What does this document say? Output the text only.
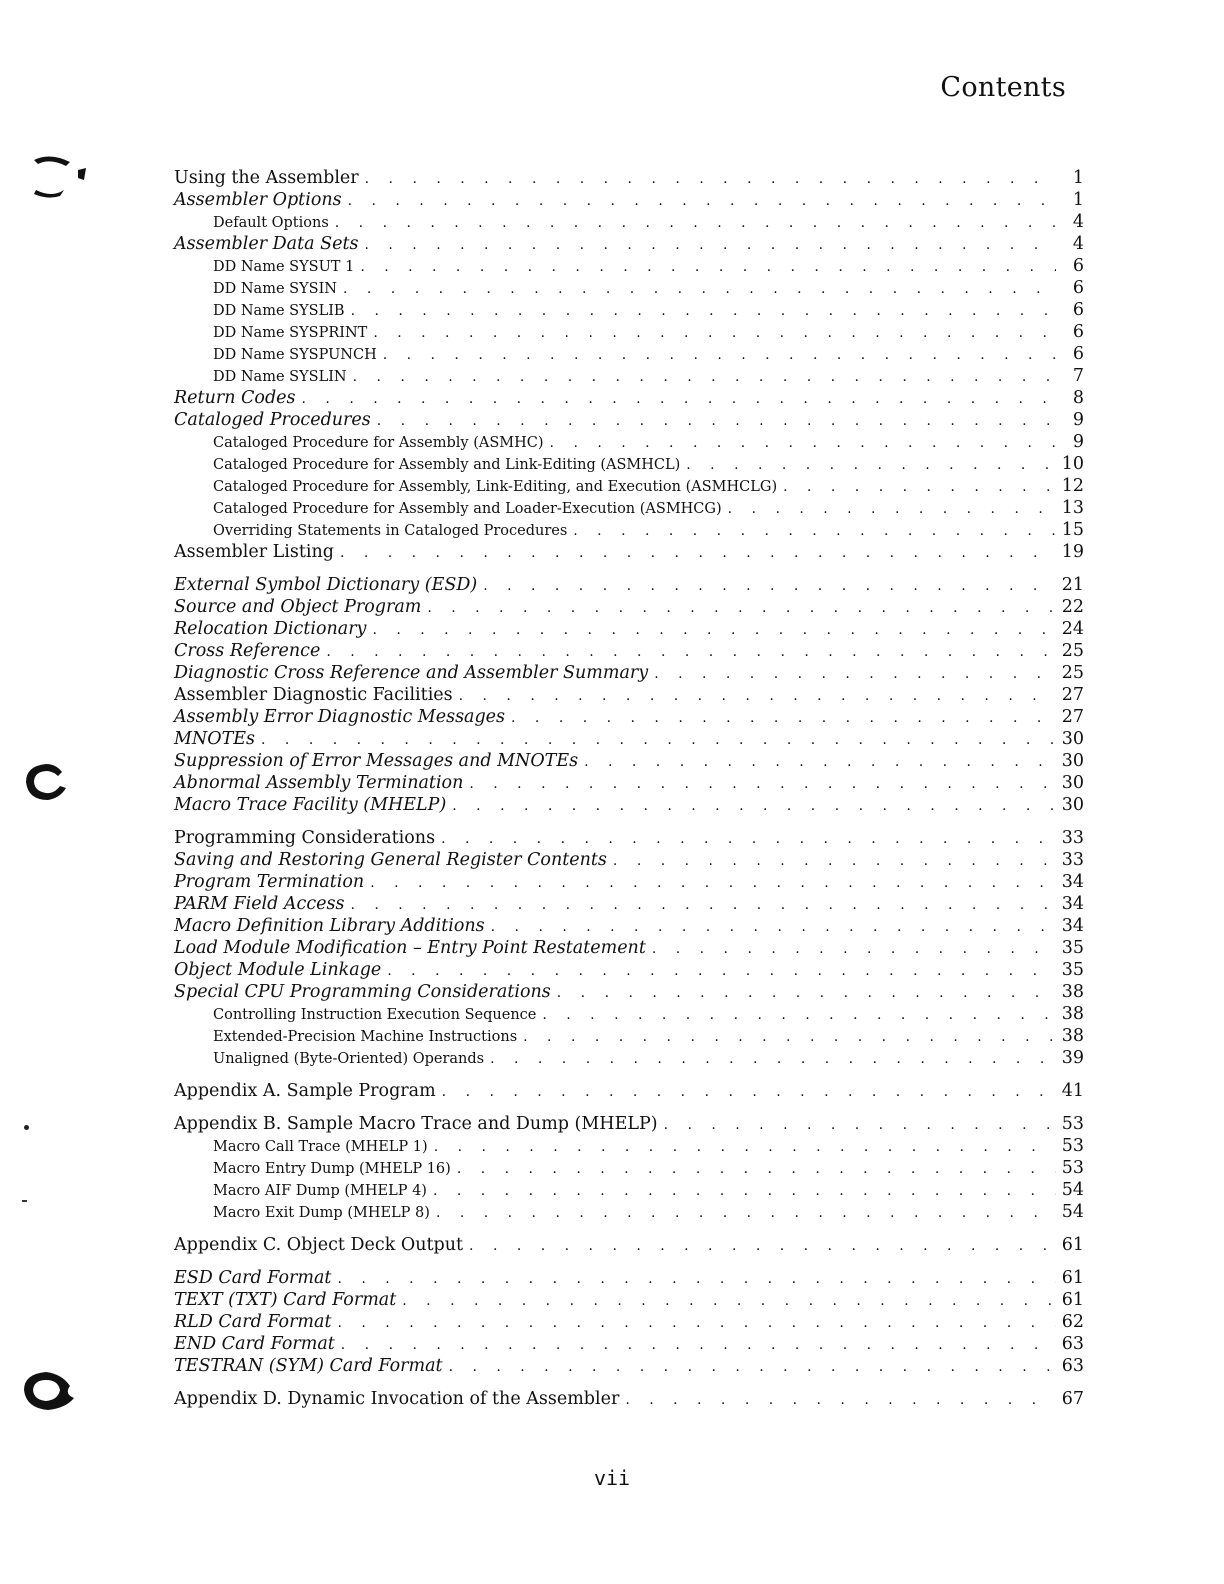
Contents
Using the Assembler . . .	1
Assembler Options . . .	1
Default Options . . .	4
Assembler Data Sets . . .	4
DD Name SYSUT 1 . . .	6
DD Name SYSIN . . .	6
DD Name SYSLIB . . .	6
DD Name SYSPRINT . . .	6
DD Name SYSPUNCH . . .	6
DD Name SYSLIN . . .	7
Return Codes . . .	8
Cataloged Procedures . . .	9
Cataloged Procedure for Assembly (ASMHC) . . .	9
Cataloged Procedure for Assembly and Link-Editing (ASMHCL) . . .	10
Cataloged Procedure for Assembly, Link-Editing, and Execution (ASMHCLG) . . .	12
Cataloged Procedure for Assembly and Loader-Execution (ASMHCG) . . .	13
Overriding Statements in Cataloged Procedures . . .	15
Assembler Listing . . .	19
External Symbol Dictionary (ESD) . . .	21
Source and Object Program . . .	22
Relocation Dictionary . . .	24
Cross Reference . . .	25
Diagnostic Cross Reference and Assembler Summary . . .	25
Assembler Diagnostic Facilities . . .	27
Assembly Error Diagnostic Messages . . .	27
MNOTEs . . .	30
Suppression of Error Messages and MNOTEs . . .	30
Abnormal Assembly Termination . . .	30
Macro Trace Facility (MHELP) . . .	30
Programming Considerations . . .	33
Saving and Restoring General Register Contents . . .	33
Program Termination . . .	34
PARM Field Access . . .	34
Macro Definition Library Additions . . .	34
Load Module Modification – Entry Point Restatement . . .	35
Object Module Linkage . . .	35
Special CPU Programming Considerations . . .	38
Controlling Instruction Execution Sequence . . .	38
Extended-Precision Machine Instructions . . .	38
Unaligned (Byte-Oriented) Operands . . .	39
Appendix A. Sample Program . . .	41
Appendix B. Sample Macro Trace and Dump (MHELP) . . .	53
Macro Call Trace (MHELP 1) . . .	53
Macro Entry Dump (MHELP 16) . . .	53
Macro AIF Dump (MHELP 4) . . .	54
Macro Exit Dump (MHELP 8) . . .	54
Appendix C. Object Deck Output . . .	61
ESD Card Format . . .	61
TEXT (TXT) Card Format . . .	61
RLD Card Format . . .	62
END Card Format . . .	63
TESTRAN (SYM) Card Format . . .	63
Appendix D. Dynamic Invocation of the Assembler . . .	67
vii
